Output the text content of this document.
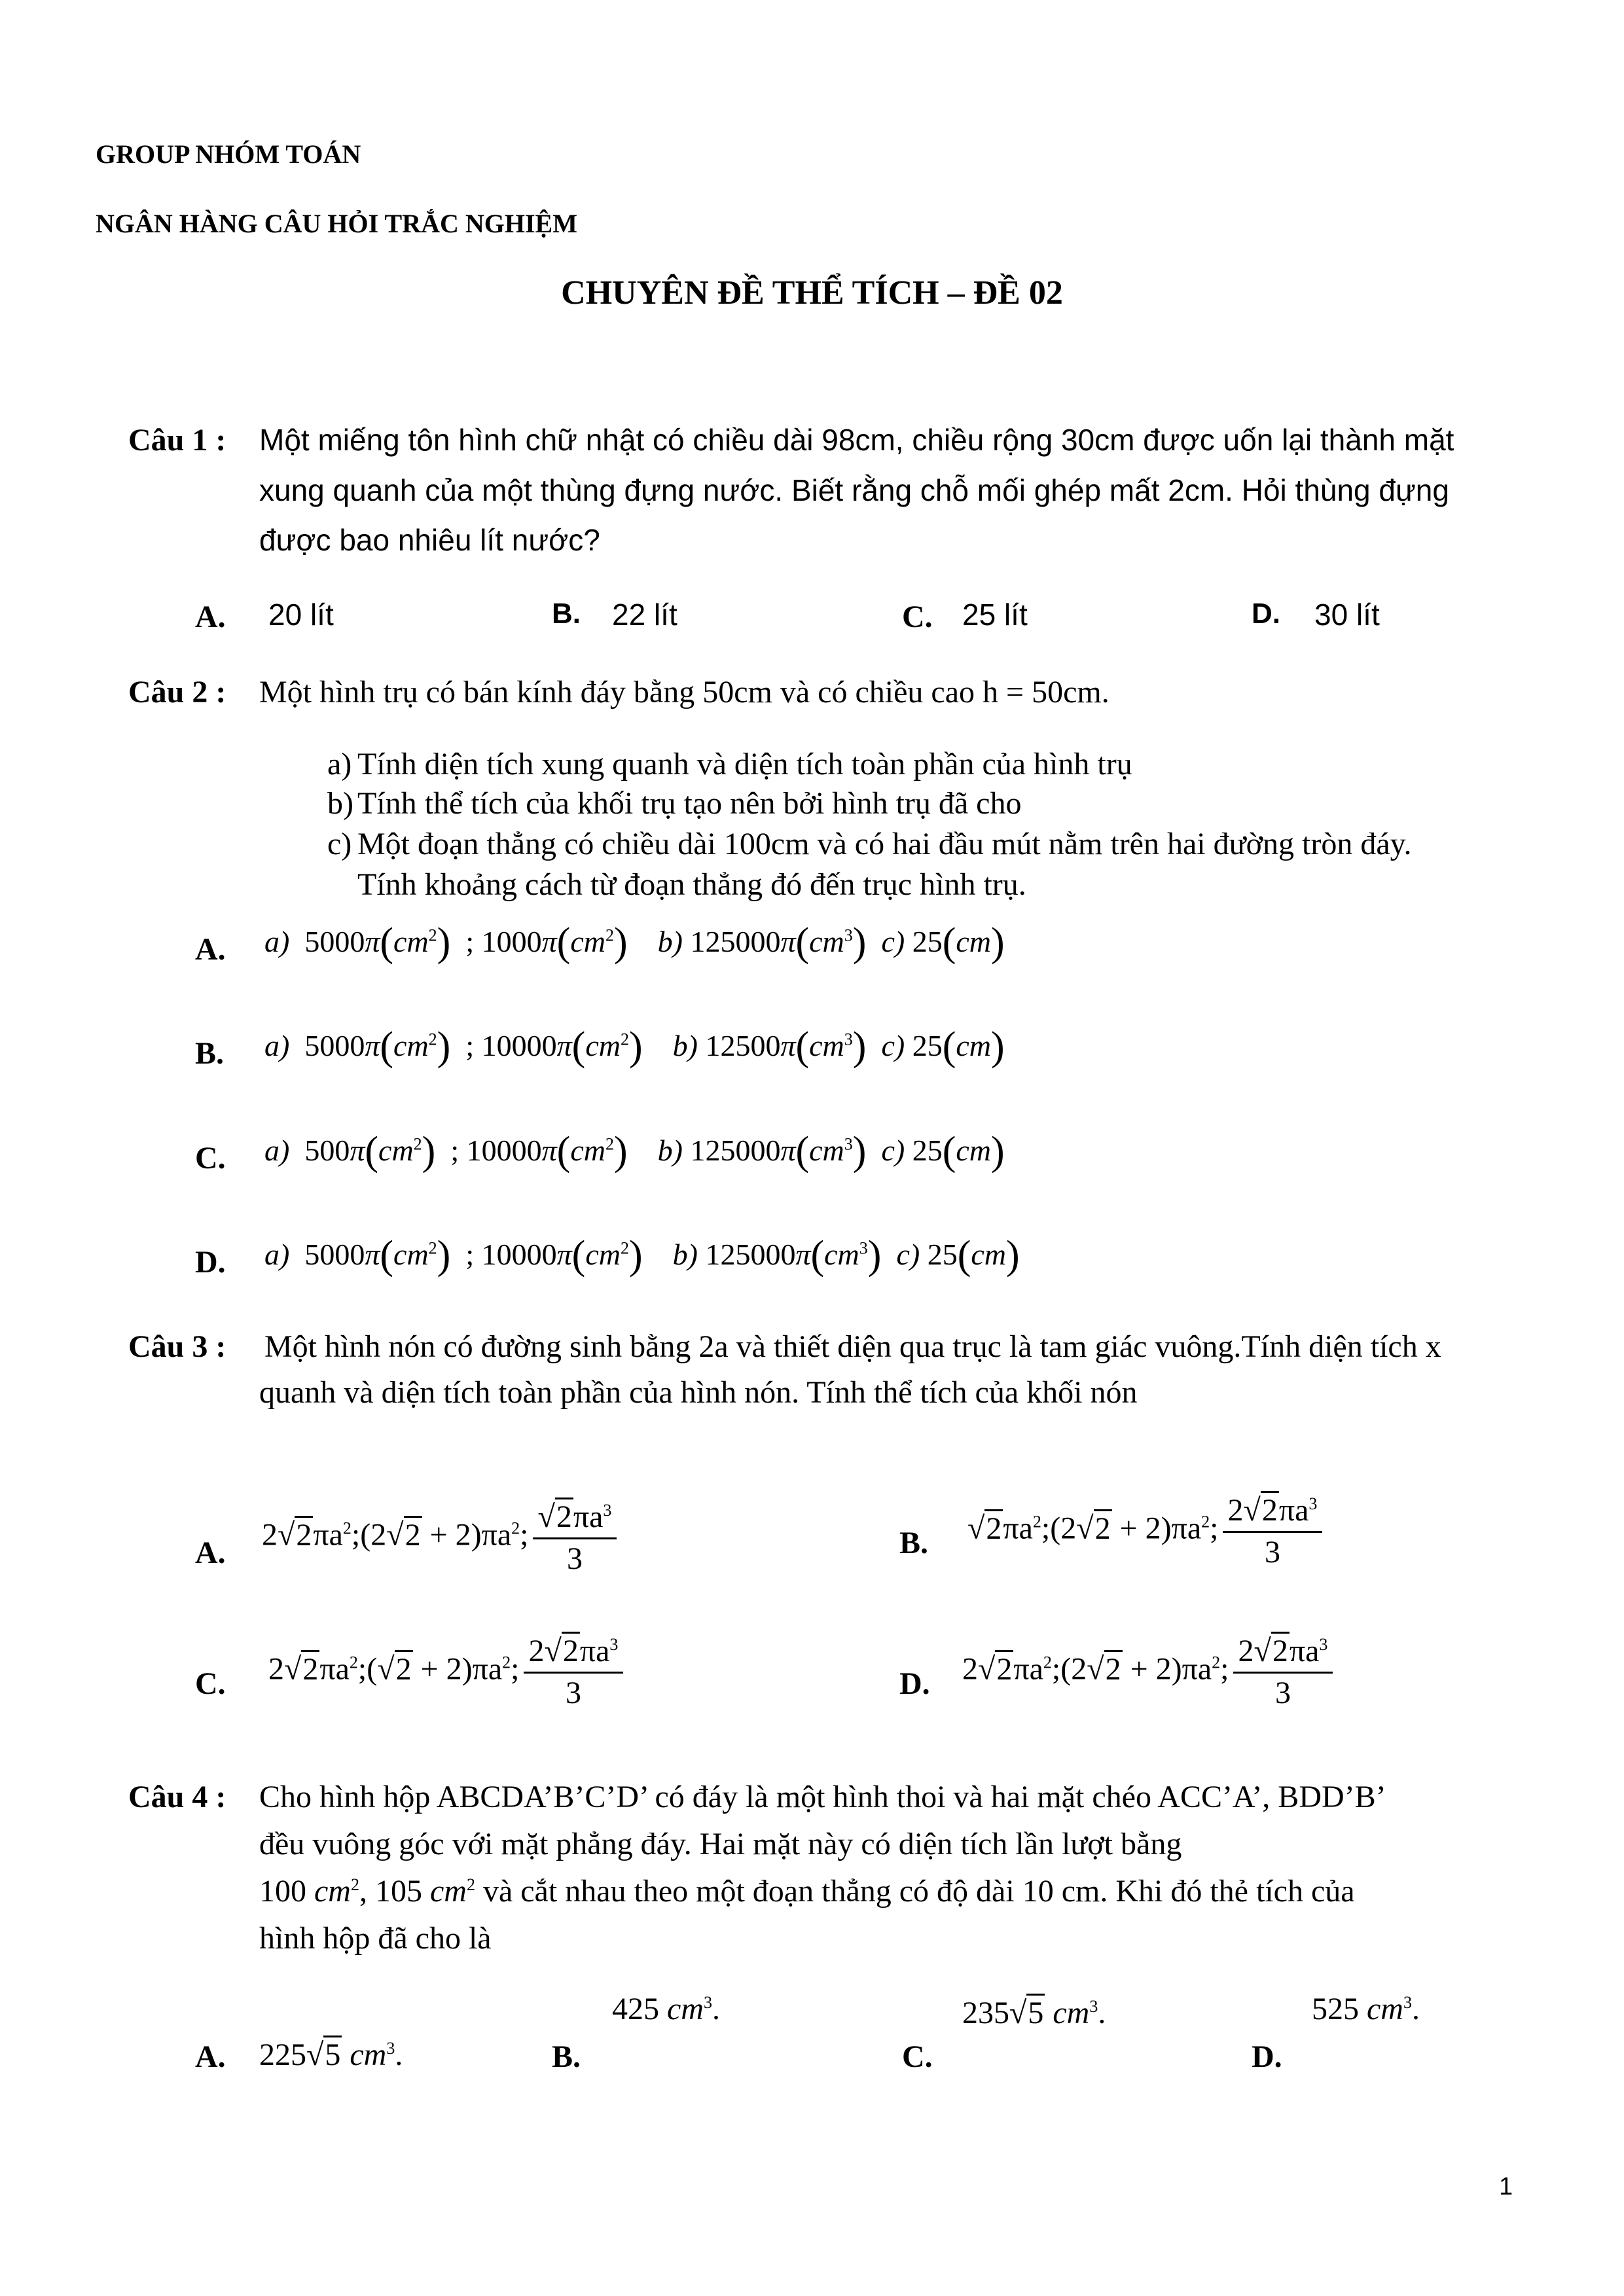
GROUP NHÓM TOÁN
NGÂN HÀNG CÂU HỎI TRẮC NGHIỆM
CHUYÊN ĐỀ THỂ TÍCH – ĐỀ 02
Câu 1 : Một miếng tôn hình chữ nhật có chiều dài 98cm, chiều rộng 30cm được uốn lại thành mặt
xung quanh của một thùng đựng nước. Biết rằng chỗ mối ghép mất 2cm. Hỏi thùng đựng
được bao nhiêu lít nước?
A. 20 lít	B. 22 lít	C. 25 lít	D. 30 lít
Câu 2 : Một hình trụ có bán kính đáy bằng 50cm và có chiều cao h = 50cm.
a) Tính diện tích xung quanh và diện tích toàn phần của hình trụ
b) Tính thể tích của khối trụ tạo nên bởi hình trụ đã cho
c) Một đoạn thẳng có chiều dài 100cm và có hai đầu mút nằm trên hai đường tròn đáy.
Tính khoảng cách từ đoạn thẳng đó đến trục hình trụ.
A. a) $5000\pi(cm^2)$ ; $1000\pi(cm^2)$ b) $125000\pi(cm^3)$ c) 25(cm)
B. a) $5000\pi(cm^2)$ ; $10000\pi(cm^2)$ b) $12500\pi(cm^3)$ c) 25(cm)
C. a) $500\pi(cm^2)$ ; $10000\pi(cm^2)$ b) $125000\pi(cm^3)$ c) 25(cm)
D. a) $5000\pi(cm^2)$ ; $10000\pi(cm^2)$ b) $125000\pi(cm^3)$ c) 25(cm)
Câu 3 : Một hình nón có đường sinh bằng 2a và thiết diện qua trục là tam giác vuông.Tính diện tích x
quanh và diện tích toàn phần của hình nón. Tính thể tích của khối nón
A.
$2√2\pi a^2;(2√2 + 2)\pi a^2$; $\frac{√2\pi a^3}{3}$	B. $√2\pi a^2;(2√2 + 2)\pi a^2$; $\frac{2√2\pi a^3}{3}$
C. $2√2\pi a^2;(√2 + 2)\pi a^2$; $\frac{2√2\pi a^3}{3}$	D. $2√2\pi a^2;(2√2 + 2)\pi a^2$; $\frac{2√2\pi a^3}{3}$
Câu 4 : Cho hình hộp ABCDA’B’C’D’ có đáy là một hình thoi và hai mặt chéo ACC’A’, BDD’B’
đều vuông góc với mặt phẳng đáy. Hai mặt này có diện tích lần lượt bằng
100 $cm^2$, 105 $cm^2$ và cắt nhau theo một đoạn thẳng có độ dài 10 cm. Khi đó thẻ tích của
hình hộp đã cho là
A. 225√5 $cm^3$.	B.
425 $cm^3$.
C.
235√5 $cm^3$.
D.
525 $cm^3$.
1
